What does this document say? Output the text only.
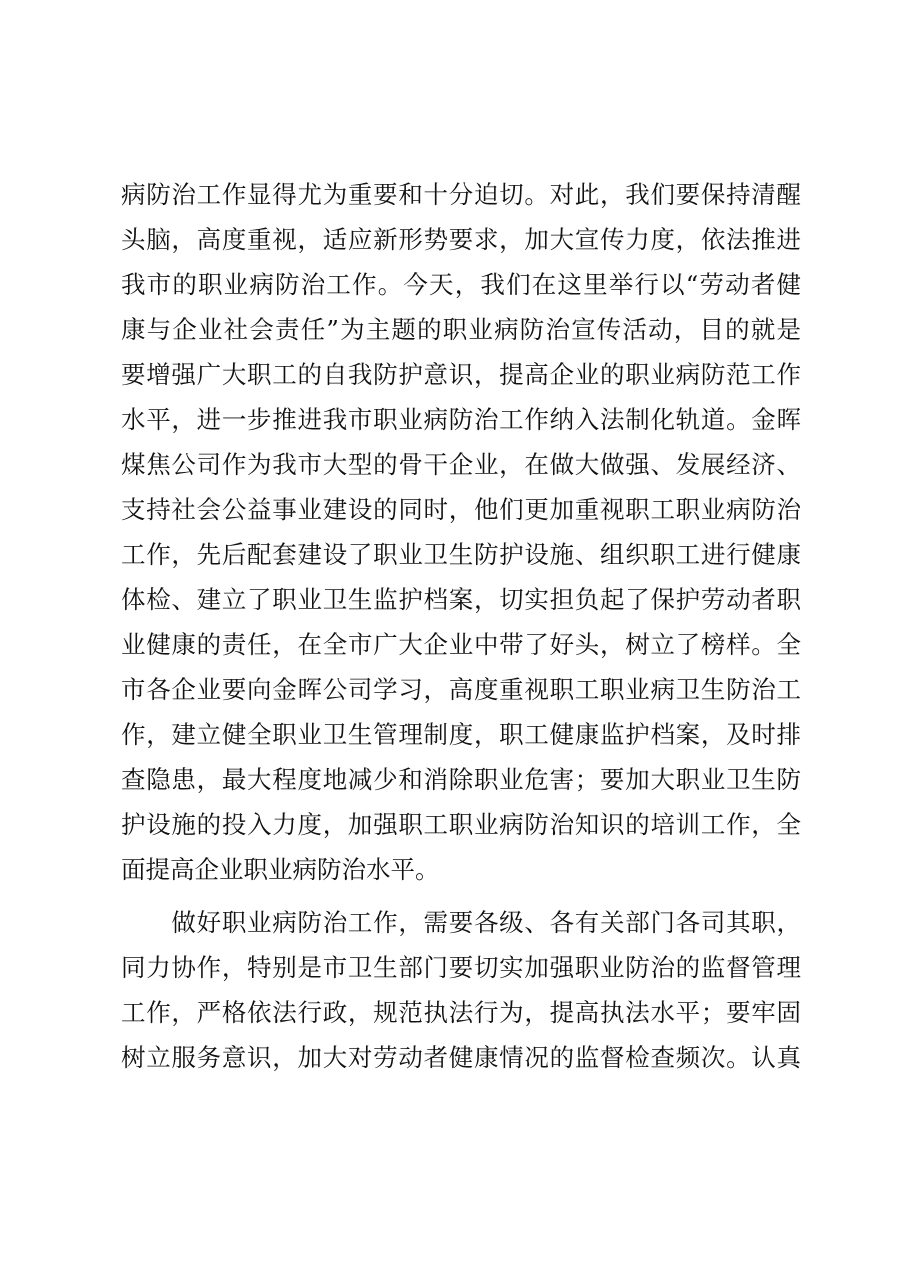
病防治工作显得尤为重要和十分迫切。对此，我们要保持清醒
头脑，高度重视，适应新形势要求，加大宣传力度，依法推进
我市的职业病防治工作。今天，我们在这里举行以“劳动者健
康与企业社会责任”为主题的职业病防治宣传活动，目的就是
要增强广大职工的自我防护意识，提高企业的职业病防范工作
水平，进一步推进我市职业病防治工作纳入法制化轨道。金晖
煤焦公司作为我市大型的骨干企业，在做大做强、发展经济、
支持社会公益事业建设的同时，他们更加重视职工职业病防治
工作，先后配套建设了职业卫生防护设施、组织职工进行健康
体检、建立了职业卫生监护档案，切实担负起了保护劳动者职
业健康的责任，在全市广大企业中带了好头，树立了榜样。全
市各企业要向金晖公司学习，高度重视职工职业病卫生防治工
作，建立健全职业卫生管理制度，职工健康监护档案，及时排
查隐患，最大程度地减少和消除职业危害；要加大职业卫生防
护设施的投入力度，加强职工职业病防治知识的培训工作，全
面提高企业职业病防治水平。
　　做好职业病防治工作，需要各级、各有关部门各司其职，
同力协作，特别是市卫生部门要切实加强职业防治的监督管理
工作，严格依法行政，规范执法行为，提高执法水平；要牢固
树立服务意识，加大对劳动者健康情况的监督检查频次。认真
